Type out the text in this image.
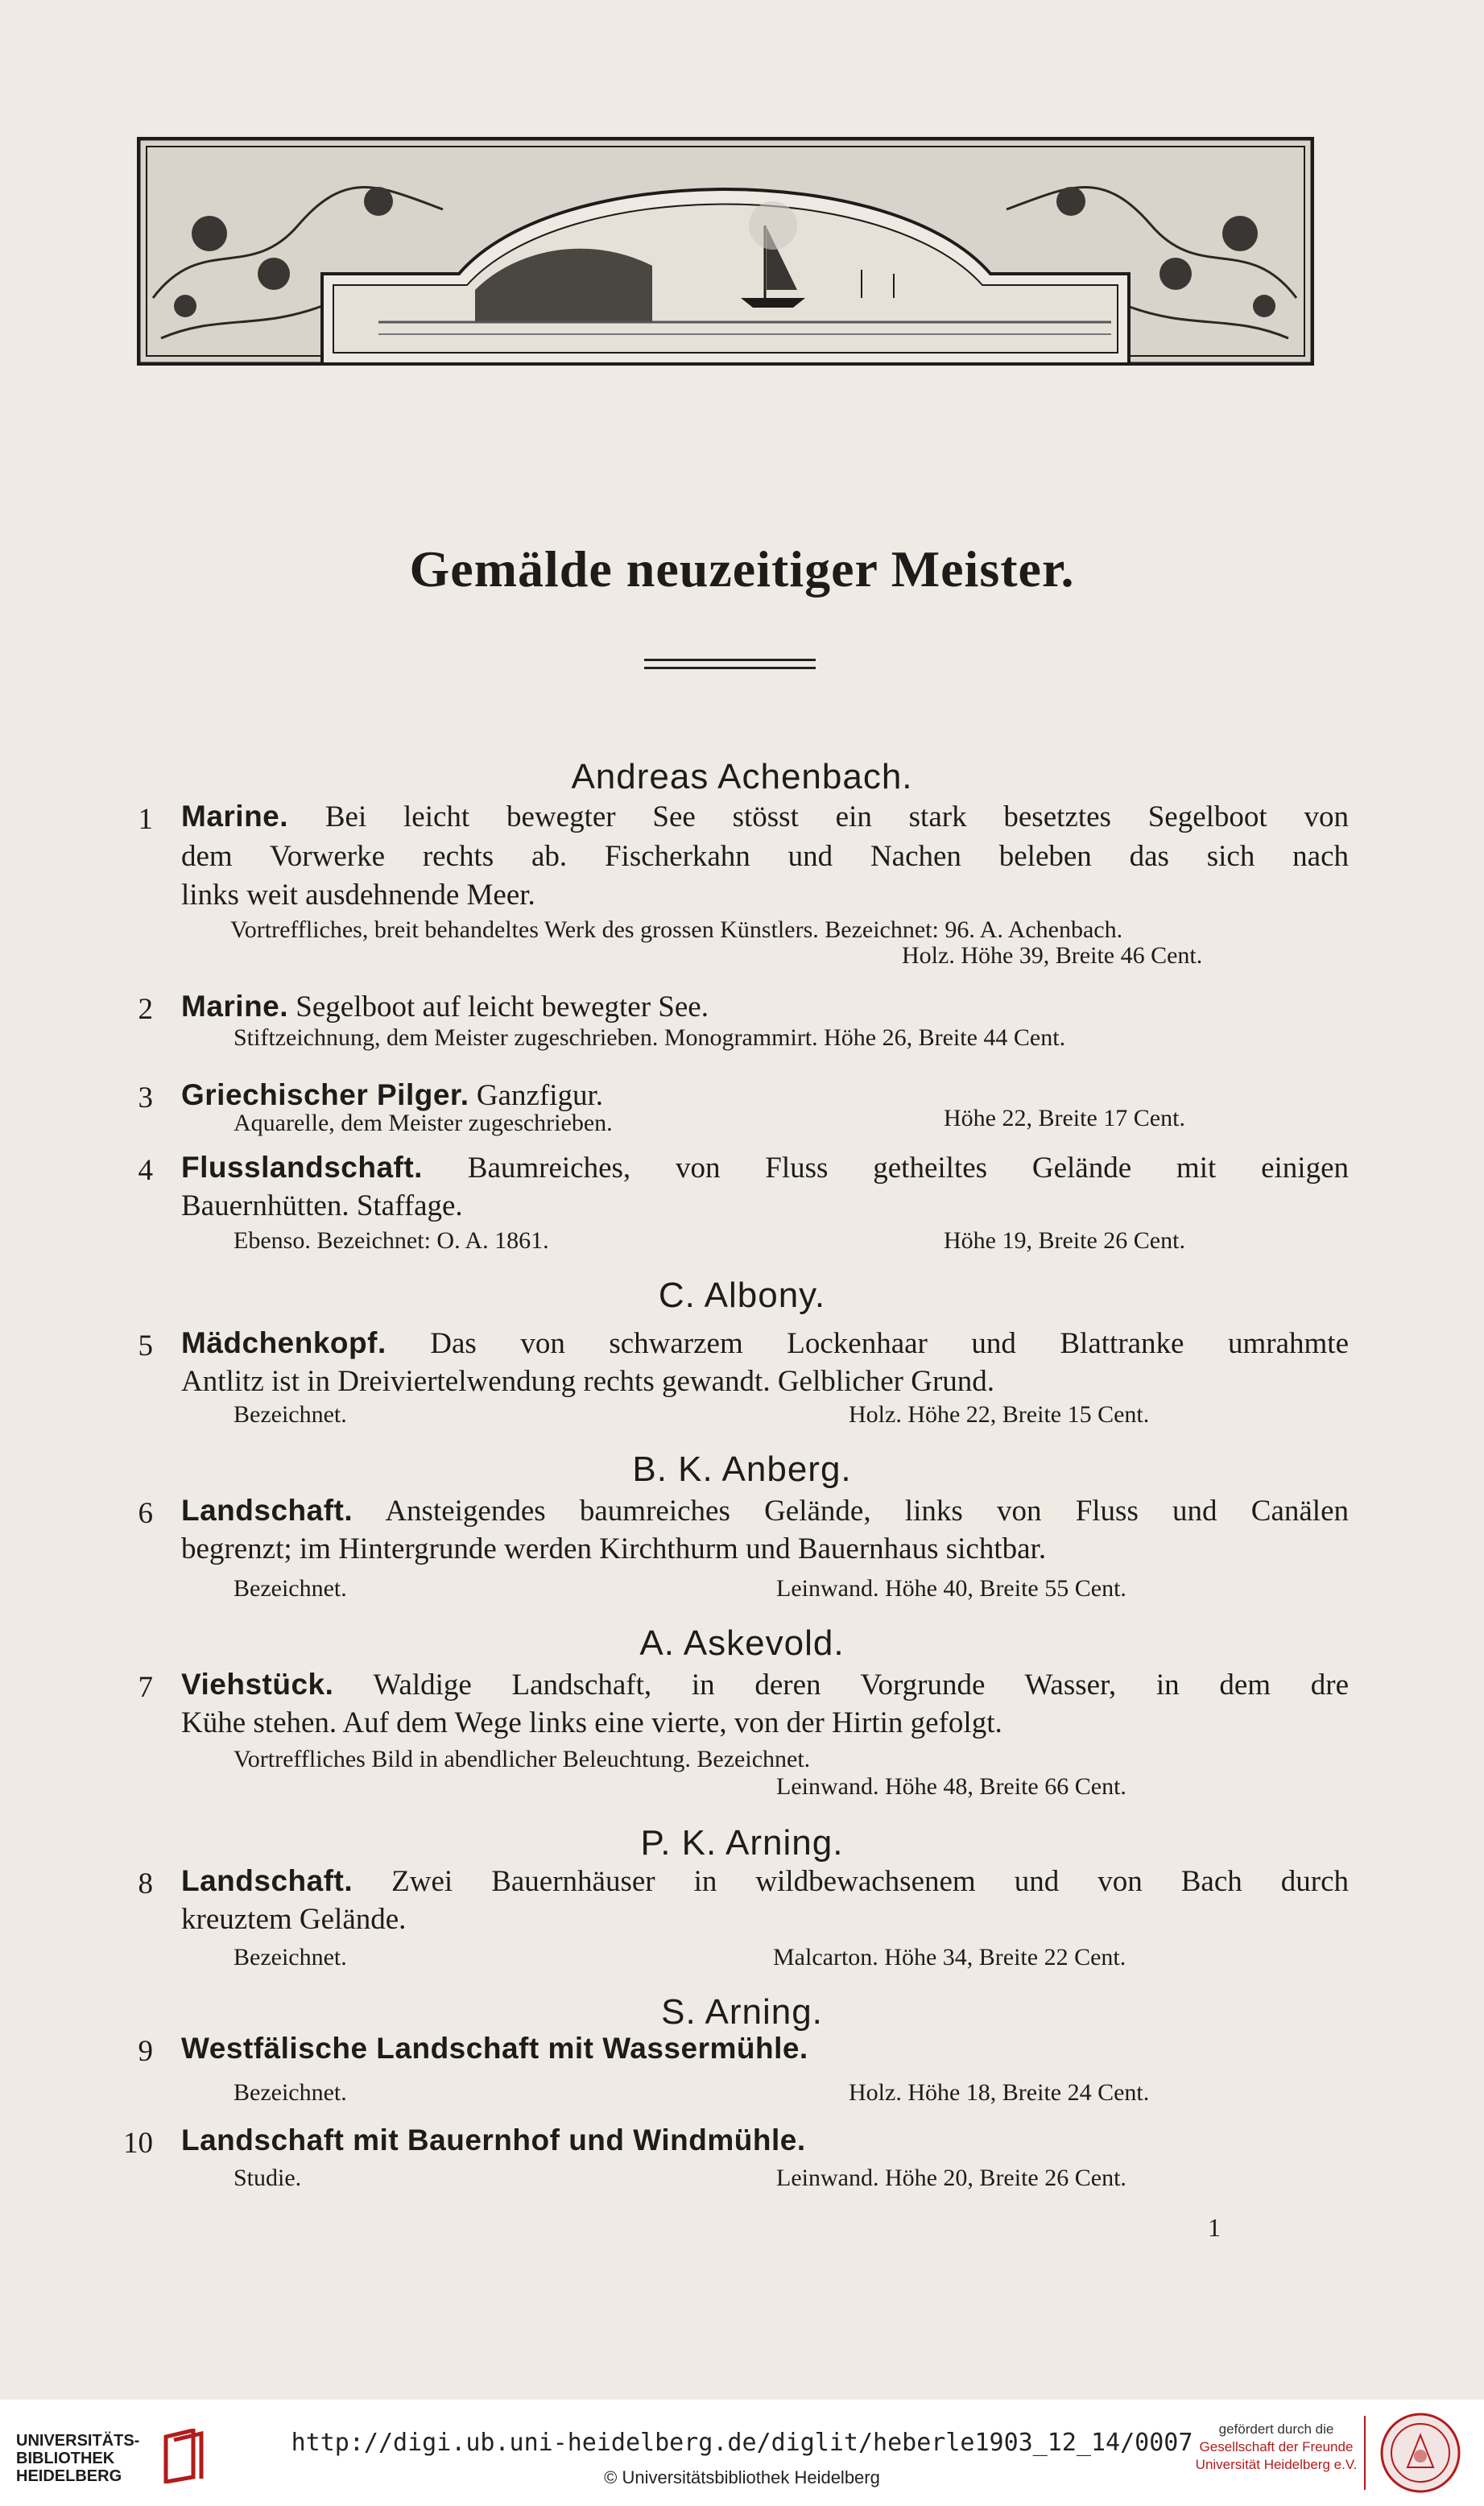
Gemälde neuzeitiger Meister.
Andreas Achenbach.
1 Marine. Bei leicht bewegter See stösst ein stark besetztes Segelboot von
dem Vorwerke rechts ab. Fischerkahn und Nachen beleben das sich nach
links weit ausdehnende Meer.
Vortreffliches, breit behandeltes Werk des grossen Künstlers. Bezeichnet: 96. A. Achenbach.
Holz. Höhe 39, Breite 46 Cent.
2 Marine. Segelboot auf leicht bewegter See.
Stiftzeichnung, dem Meister zugeschrieben. Monogrammirt. Höhe 26, Breite 44 Cent.
3 Griechischer Pilger. Ganzfigur.
Aquarelle, dem Meister zugeschrieben.	Höhe 22, Breite 17 Cent.
4 Flusslandschaft. Baumreiches, von Fluss getheiltes Gelände mit einigen
Bauernhütten. Staffage.
Ebenso. Bezeichnet: O. A. 1861.	Höhe 19, Breite 26 Cent.
C. Albony.
5 Mädchenkopf. Das von schwarzem Lockenhaar und Blattranke umrahmte
Antlitz ist in Dreiviertelwendung rechts gewandt. Gelblicher Grund.
Bezeichnet.	Holz. Höhe 22, Breite 15 Cent.
B. K. Anberg.
6 Landschaft. Ansteigendes baumreiches Gelände, links von Fluss und Canälen
begrenzt; im Hintergrunde werden Kirchthurm und Bauernhaus sichtbar.
Bezeichnet.	Leinwand. Höhe 40, Breite 55 Cent.
A. Askevold.
7 Viehstück. Waldige Landschaft, in deren Vorgrunde Wasser, in dem dre
Kühe stehen. Auf dem Wege links eine vierte, von der Hirtin gefolgt.
Vortreffliches Bild in abendlicher Beleuchtung. Bezeichnet.
Leinwand. Höhe 48, Breite 66 Cent.
P. K. Arning.
8 Landschaft. Zwei Bauernhäuser in wildbewachsenem und von Bach durch
kreuztem Gelände.
Bezeichnet.	Malcarton. Höhe 34, Breite 22 Cent.
S. Arning.
9 Westfälische Landschaft mit Wassermühle.
Bezeichnet.	Holz. Höhe 18, Breite 24 Cent.
10 Landschaft mit Bauernhof und Windmühle.
Studie.	Leinwand. Höhe 20, Breite 26 Cent.
1
UNIVERSITÄTS-
BIBLIOTHEK
HEIDELBERG
http://digi.ub.uni-heidelberg.de/diglit/heberle1903_12_14/0007
© Universitätsbibliothek Heidelberg
gefördert durch die
Gesellschaft der Freunde
Universität Heidelberg e.V.
